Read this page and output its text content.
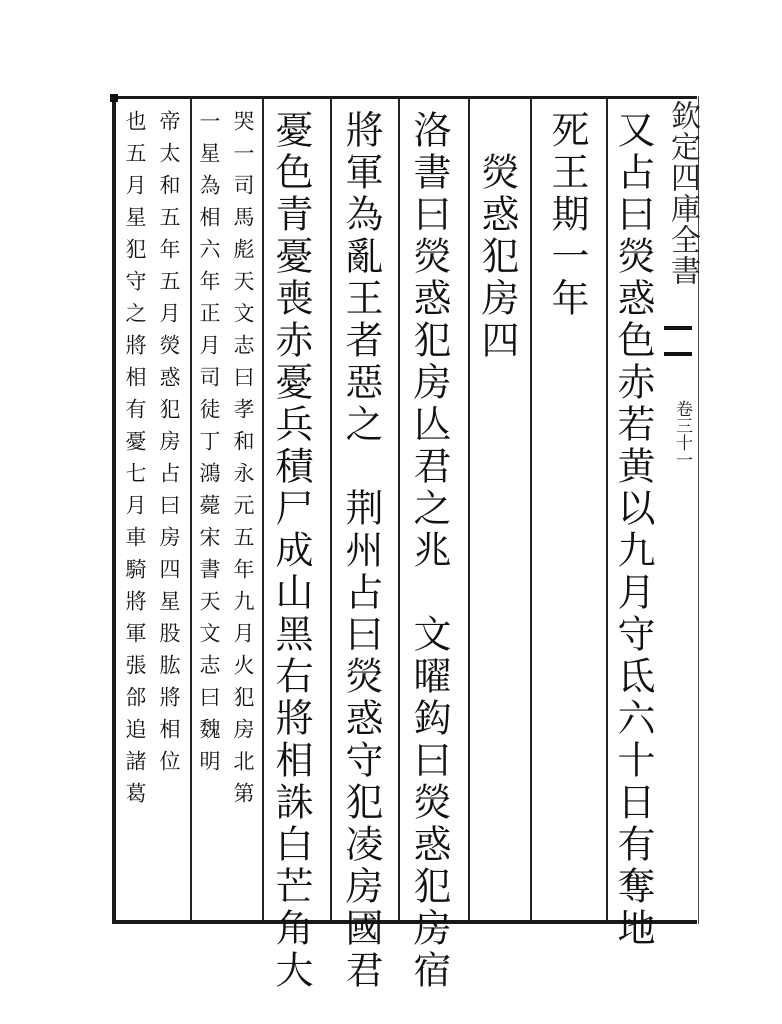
欽定四庫全書
卷三十一
又占曰熒惑色赤若黄以九月守氐六十日有奪地
死王期一年
　熒惑犯房四
洛書曰熒惑犯房亾君之兆　文曜鈎曰熒惑犯房宿
將軍為亂王者惡之　荆州占曰熒惑守犯凌房國君
憂色青憂喪赤憂兵積尸成山黑右將相誅白芒角大
哭一司馬彪天文志曰孝和永元五年九月火犯房北第
一星為相六年正月司徒丁鴻薨宋書天文志曰魏明
帝太和五年五月熒惑犯房占曰房四星股肱將相位
也五月星犯守之將相有憂七月車騎將軍張郃追諸葛
